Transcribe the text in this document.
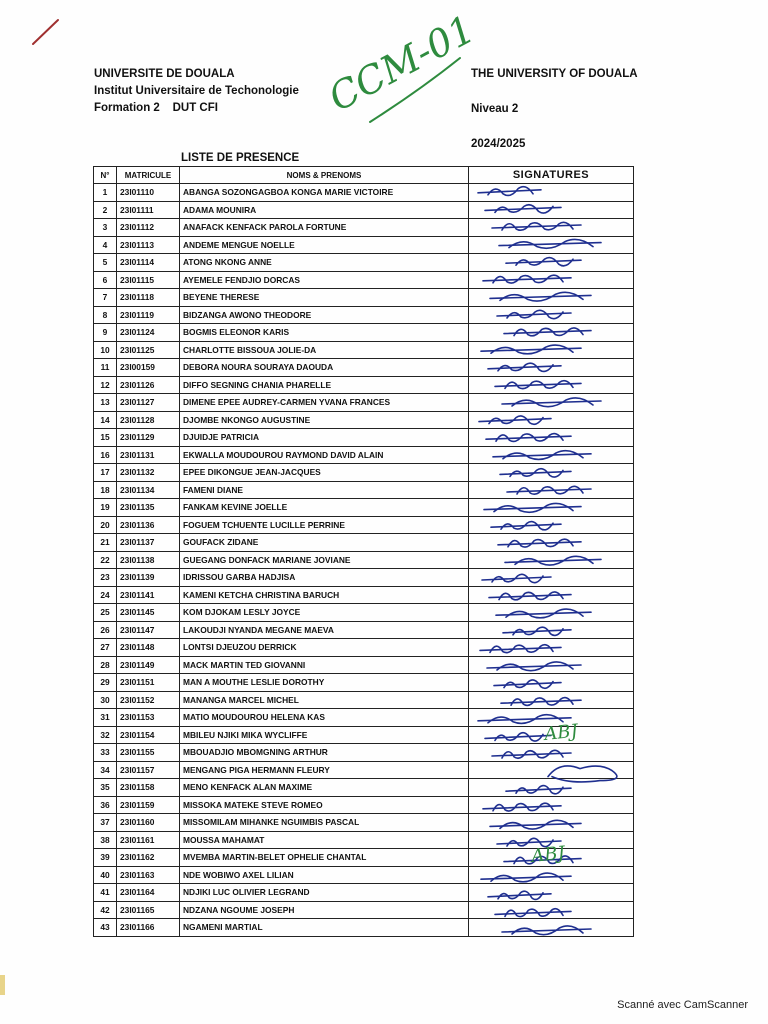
UNIVERSITE DE DOUALA
Institut Universitaire de Techonologie
Formation 2    DUT CFI
THE UNIVERSITY OF DOUALA
Niveau 2
2024/2025
LISTE DE PRESENCE
N°	MATRICULE	NOMS & PRENOMS	SIGNATURES
1	23I01110	ABANGA SOZONGAGBOA KONGA MARIE VICTOIRE	
2	23I01111	ADAMA MOUNIRA	
3	23I01112	ANAFACK KENFACK PAROLA FORTUNE	
4	23I01113	ANDEME MENGUE NOELLE	
5	23I01114	ATONG NKONG ANNE	
6	23I01115	AYEMELE FENDJIO DORCAS	
7	23I01118	BEYENE THERESE	
8	23I01119	BIDZANGA AWONO THEODORE	
9	23I01124	BOGMIS ELEONOR KARIS	
10	23I01125	CHARLOTTE BISSOUA JOLIE-DA	
11	23I00159	DEBORA NOURA SOURAYA DAOUDA	
12	23I01126	DIFFO SEGNING CHANIA PHARELLE	
13	23I01127	DIMENE EPEE AUDREY-CARMEN YVANA FRANCES	
14	23I01128	DJOMBE NKONGO AUGUSTINE	
15	23I01129	DJUIDJE PATRICIA	
16	23I01131	EKWALLA MOUDOUROU RAYMOND DAVID ALAIN	
17	23I01132	EPEE DIKONGUE JEAN-JACQUES	
18	23I01134	FAMENI DIANE	
19	23I01135	FANKAM KEVINE JOELLE	
20	23I01136	FOGUEM TCHUENTE LUCILLE PERRINE	
21	23I01137	GOUFACK ZIDANE	
22	23I01138	GUEGANG DONFACK MARIANE JOVIANE	
23	23I01139	IDRISSOU GARBA HADJISA	
24	23I01141	KAMENI KETCHA CHRISTINA BARUCH	
25	23I01145	KOM DJOKAM LESLY JOYCE	
26	23I01147	LAKOUDJI NYANDA MEGANE MAEVA	
27	23I01148	LONTSI DJEUZOU DERRICK	
28	23I01149	MACK MARTIN TED GIOVANNI	
29	23I01151	MAN A MOUTHE LESLIE DOROTHY	
30	23I01152	MANANGA MARCEL MICHEL	
31	23I01153	MATIO MOUDOUROU HELENA KAS	
32	23I01154	MBILEU NJIKI MIKA WYCLIFFE	
33	23I01155	MBOUADJIO MBOMGNING ARTHUR	
34	23I01157	MENGANG PIGA HERMANN FLEURY	
35	23I01158	MENO KENFACK ALAN MAXIME	
36	23I01159	MISSOKA MATEKE STEVE ROMEO	
37	23I01160	MISSOMILAM MIHANKE NGUIMBIS PASCAL	
38	23I01161	MOUSSA MAHAMAT	
39	23I01162	MVEMBA MARTIN-BELET OPHELIE CHANTAL	
40	23I01163	NDE WOBIWO AXEL LILIAN	
41	23I01164	NDJIKI LUC OLIVIER LEGRAND	
42	23I01165	NDZANA NGOUME JOSEPH	
43	23I01166	NGAMENI MARTIAL	
CCM-01
ABJ
ABJ
Scanné avec CamScanner
